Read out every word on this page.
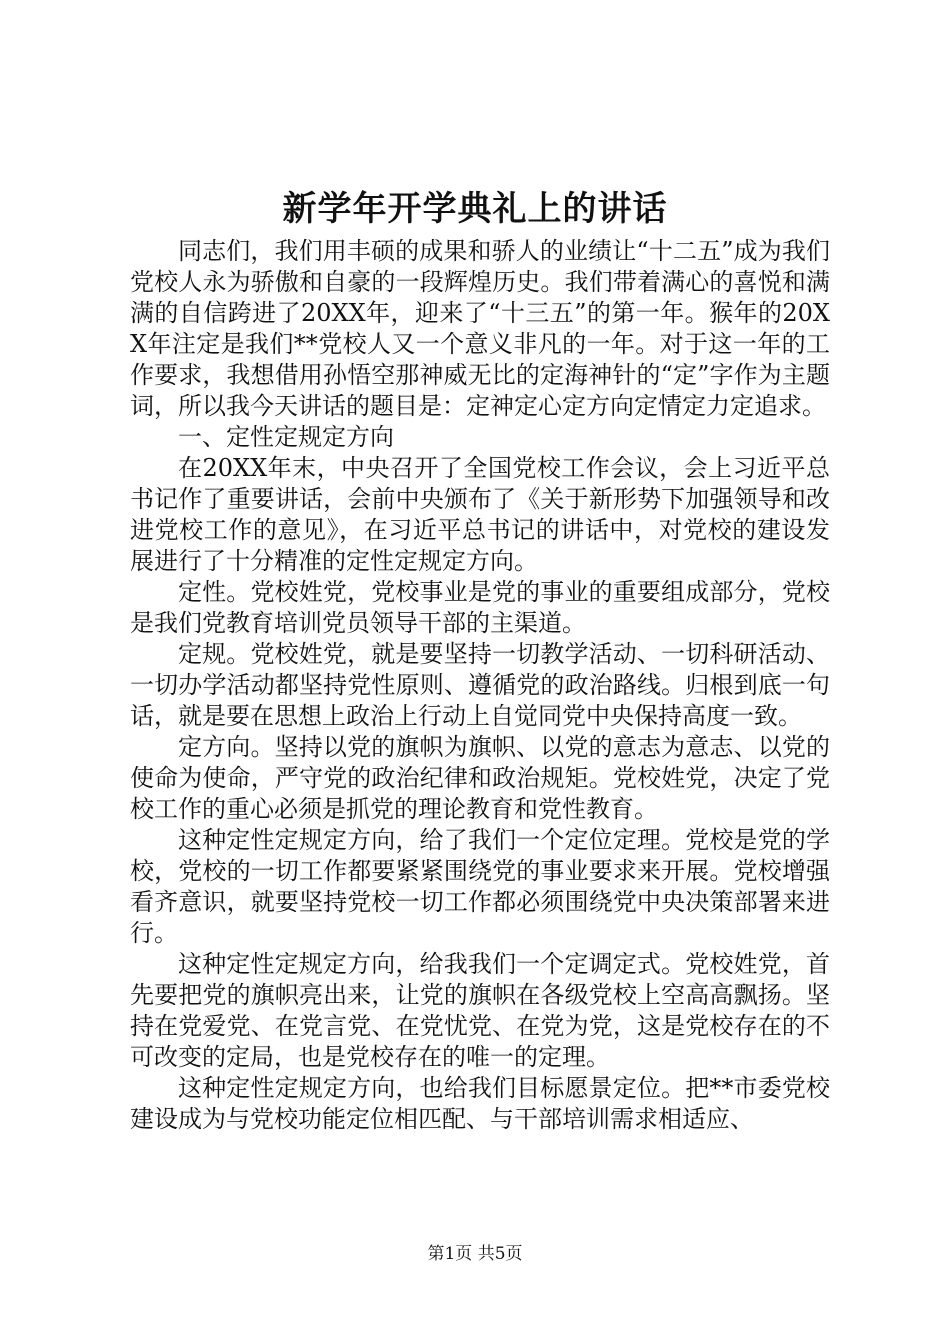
新学年开学典礼上的讲话

同志们，我们用丰硕的成果和骄人的业绩让“十二五”成为我们党校人永为骄傲和自豪的一段辉煌历史。我们带着满心的喜悦和满满的自信跨进了20XX年，迎来了“十三五”的第一年。猴年的20XX年注定是我们**党校人又一个意义非凡的一年。对于这一年的工作要求，我想借用孙悟空那神威无比的定海神针的“定”字作为主题词，所以我今天讲话的题目是：定神定心定方向定情定力定追求。

一、定性定规定方向

在20XX年末，中央召开了全国党校工作会议，会上习近平总书记作了重要讲话，会前中央颁布了《关于新形势下加强领导和改进党校工作的意见》，在习近平总书记的讲话中，对党校的建设发展进行了十分精准的定性定规定方向。

定性。党校姓党，党校事业是党的事业的重要组成部分，党校是我们党教育培训党员领导干部的主渠道。

定规。党校姓党，就是要坚持一切教学活动、一切科研活动、一切办学活动都坚持党性原则、遵循党的政治路线。归根到底一句话，就是要在思想上政治上行动上自觉同党中央保持高度一致。

定方向。坚持以党的旗帜为旗帜、以党的意志为意志、以党的使命为使命，严守党的政治纪律和政治规矩。党校姓党，决定了党校工作的重心必须是抓党的理论教育和党性教育。

这种定性定规定方向，给了我们一个定位定理。党校是党的学校，党校的一切工作都要紧紧围绕党的事业要求来开展。党校增强看齐意识，就要坚持党校一切工作都必须围绕党中央决策部署来进行。

这种定性定规定方向，给我我们一个定调定式。党校姓党，首先要把党的旗帜亮出来，让党的旗帜在各级党校上空高高飘扬。坚持在党爱党、在党言党、在党忧党、在党为党，这是党校存在的不可改变的定局，也是党校存在的唯一的定理。

这种定性定规定方向，也给我们目标愿景定位。把**市委党校建设成为与党校功能定位相匹配、与干部培训需求相适应、

第1页 共5页
